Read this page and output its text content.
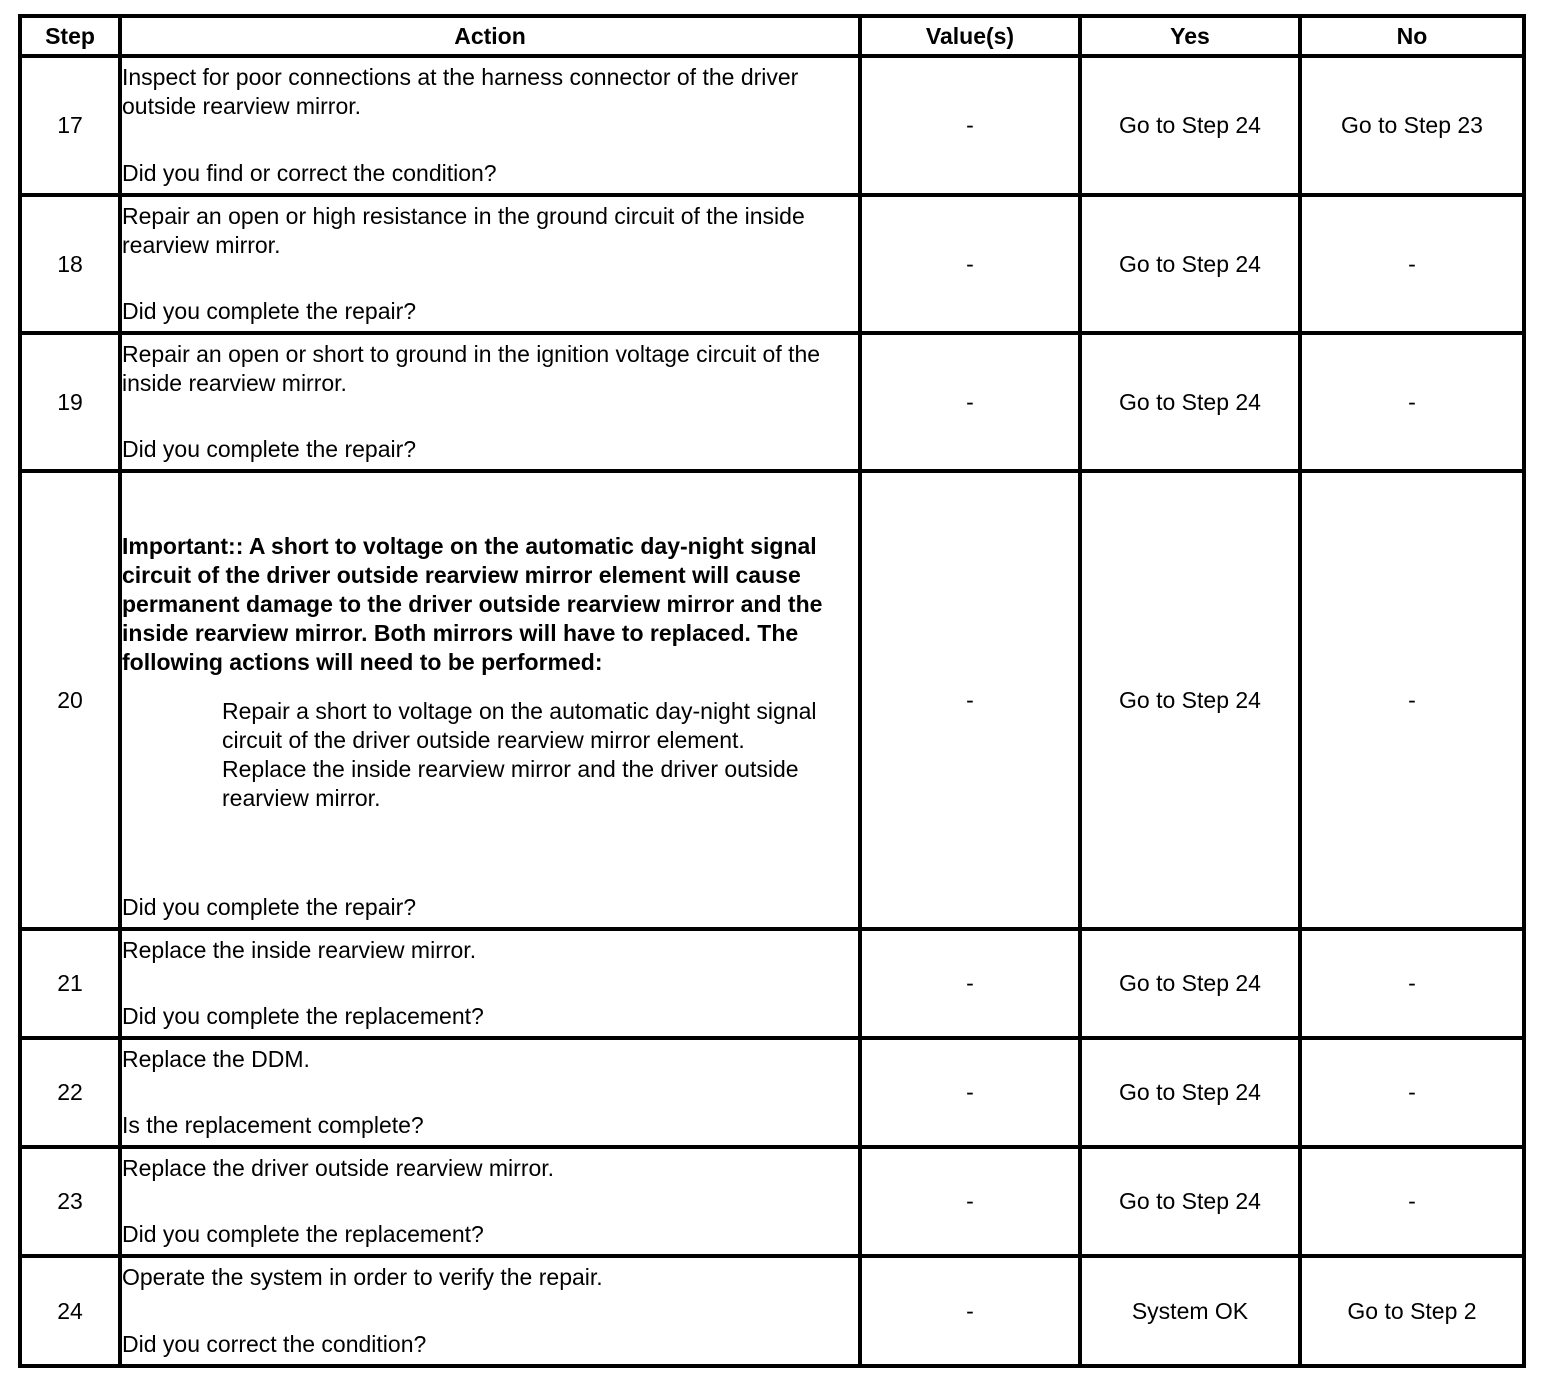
Step	Action	Value(s)	Yes	No
17	Inspect for poor connections at the harness connector of the driver outside rearview mirror.
Did you find or correct the condition?	-	Go to Step 24	Go to Step 23
18	Repair an open or high resistance in the ground circuit of the inside rearview mirror.
Did you complete the repair?	-	Go to Step 24	-
19	Repair an open or short to ground in the ignition voltage circuit of the inside rearview mirror.
Did you complete the repair?	-	Go to Step 24	-
20	Important:: A short to voltage on the automatic day-night signal circuit of the driver outside rearview mirror element will cause permanent damage to the driver outside rearview mirror and the inside rearview mirror. Both mirrors will have to replaced. The following actions will need to be performed:
Repair a short to voltage on the automatic day-night signal circuit of the driver outside rearview mirror element.
Replace the inside rearview mirror and the driver outside rearview mirror.
Did you complete the repair?	-	Go to Step 24	-
21	Replace the inside rearview mirror.
Did you complete the replacement?	-	Go to Step 24	-
22	Replace the DDM.
Is the replacement complete?	-	Go to Step 24	-
23	Replace the driver outside rearview mirror.
Did you complete the replacement?	-	Go to Step 24	-
24	Operate the system in order to verify the repair.
Did you correct the condition?	-	System OK	Go to Step 2
